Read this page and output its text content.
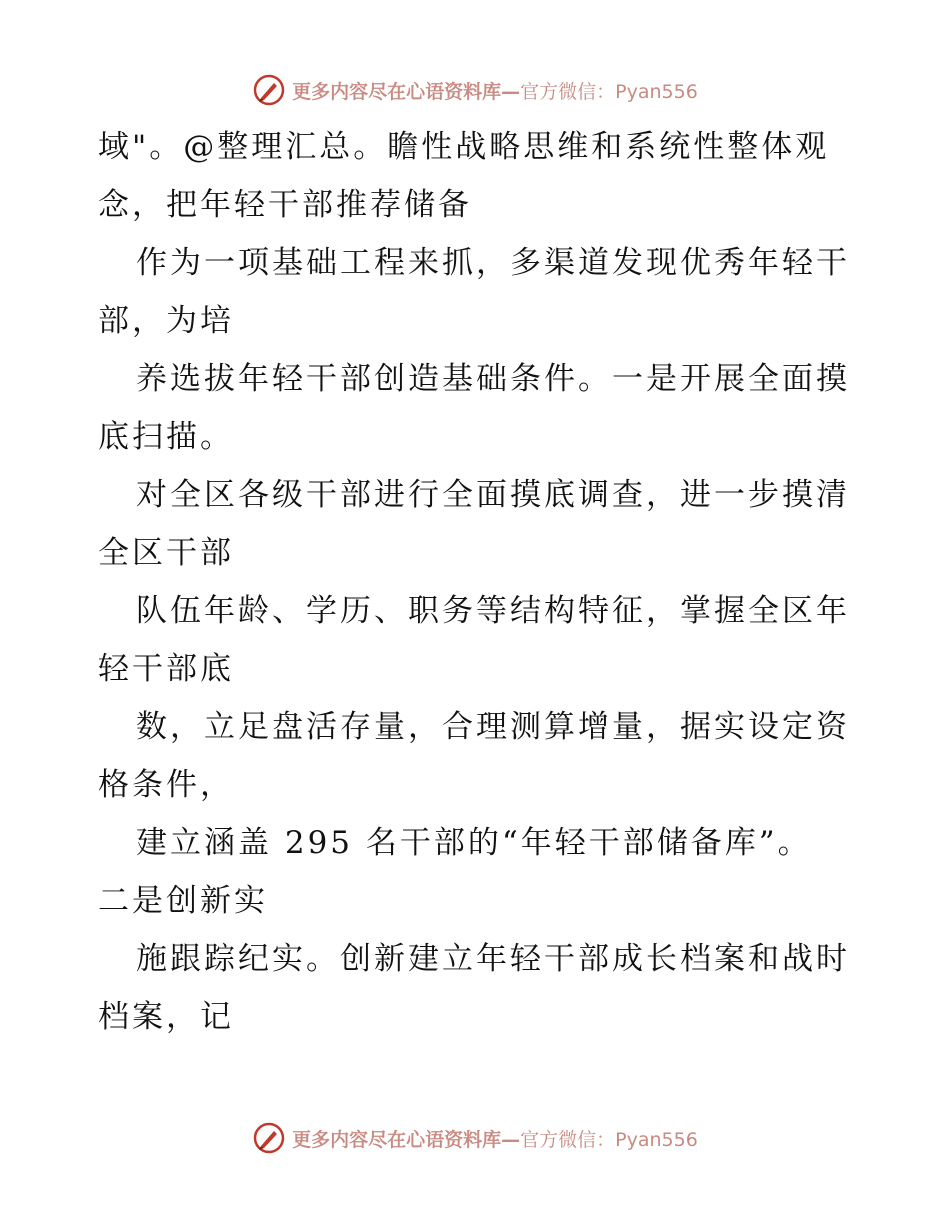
更多内容尽在心语资料库—官方微信：Pyan556
域"。@整理汇总。瞻性战略思维和系统性整体观
念，把年轻干部推荐储备
作为一项基础工程来抓，多渠道发现优秀年轻干
部，为培
养选拔年轻干部创造基础条件。一是开展全面摸
底扫描。
对全区各级干部进行全面摸底调查，进一步摸清
全区干部
队伍年龄、学历、职务等结构特征，掌握全区年
轻干部底
数，立足盘活存量，合理测算增量，据实设定资
格条件，
建立涵盖 295 名干部的“年轻干部储备库”。
二是创新实
施跟踪纪实。创新建立年轻干部成长档案和战时
档案，记
更多内容尽在心语资料库—官方微信：Pyan556
